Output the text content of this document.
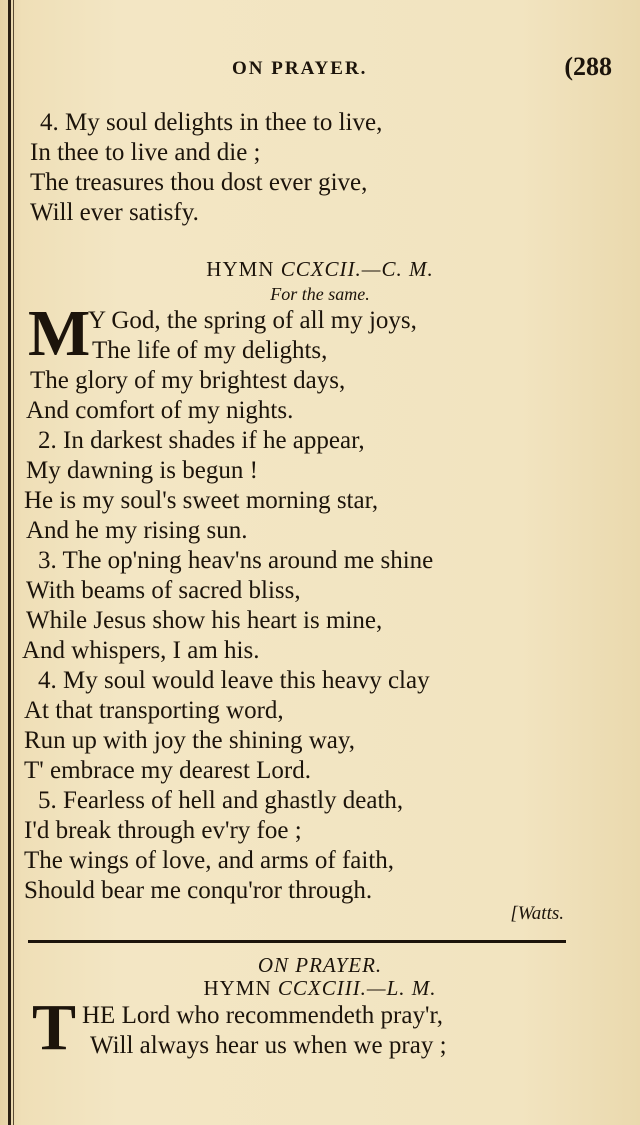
ON PRAYER.	(288
4. My soul delights in thee to live,
In thee to live and die ;
The treasures thou dost ever give,
Will ever satisfy.
HYMN CCXCII.—C. M.
For the same.
M
Y God, the spring of all my joys,
The life of my delights,
The glory of my brightest days,
And comfort of my nights.
2. In darkest shades if he appear,
My dawning is begun !
He is my soul's sweet morning star,
And he my rising sun.
3. The op'ning heav'ns around me shine
With beams of sacred bliss,
While Jesus show his heart is mine,
And whispers, I am his.
4. My soul would leave this heavy clay
At that transporting word,
Run up with joy the shining way,
T' embrace my dearest Lord.
5. Fearless of hell and ghastly death,
I'd break through ev'ry foe ;
The wings of love, and arms of faith,
Should bear me conqu'ror through.
[Watts.
ON PRAYER.
HYMN CCXCIII.—L. M.
T HE Lord who recommendeth pray'r,
Will always hear us when we pray ;
